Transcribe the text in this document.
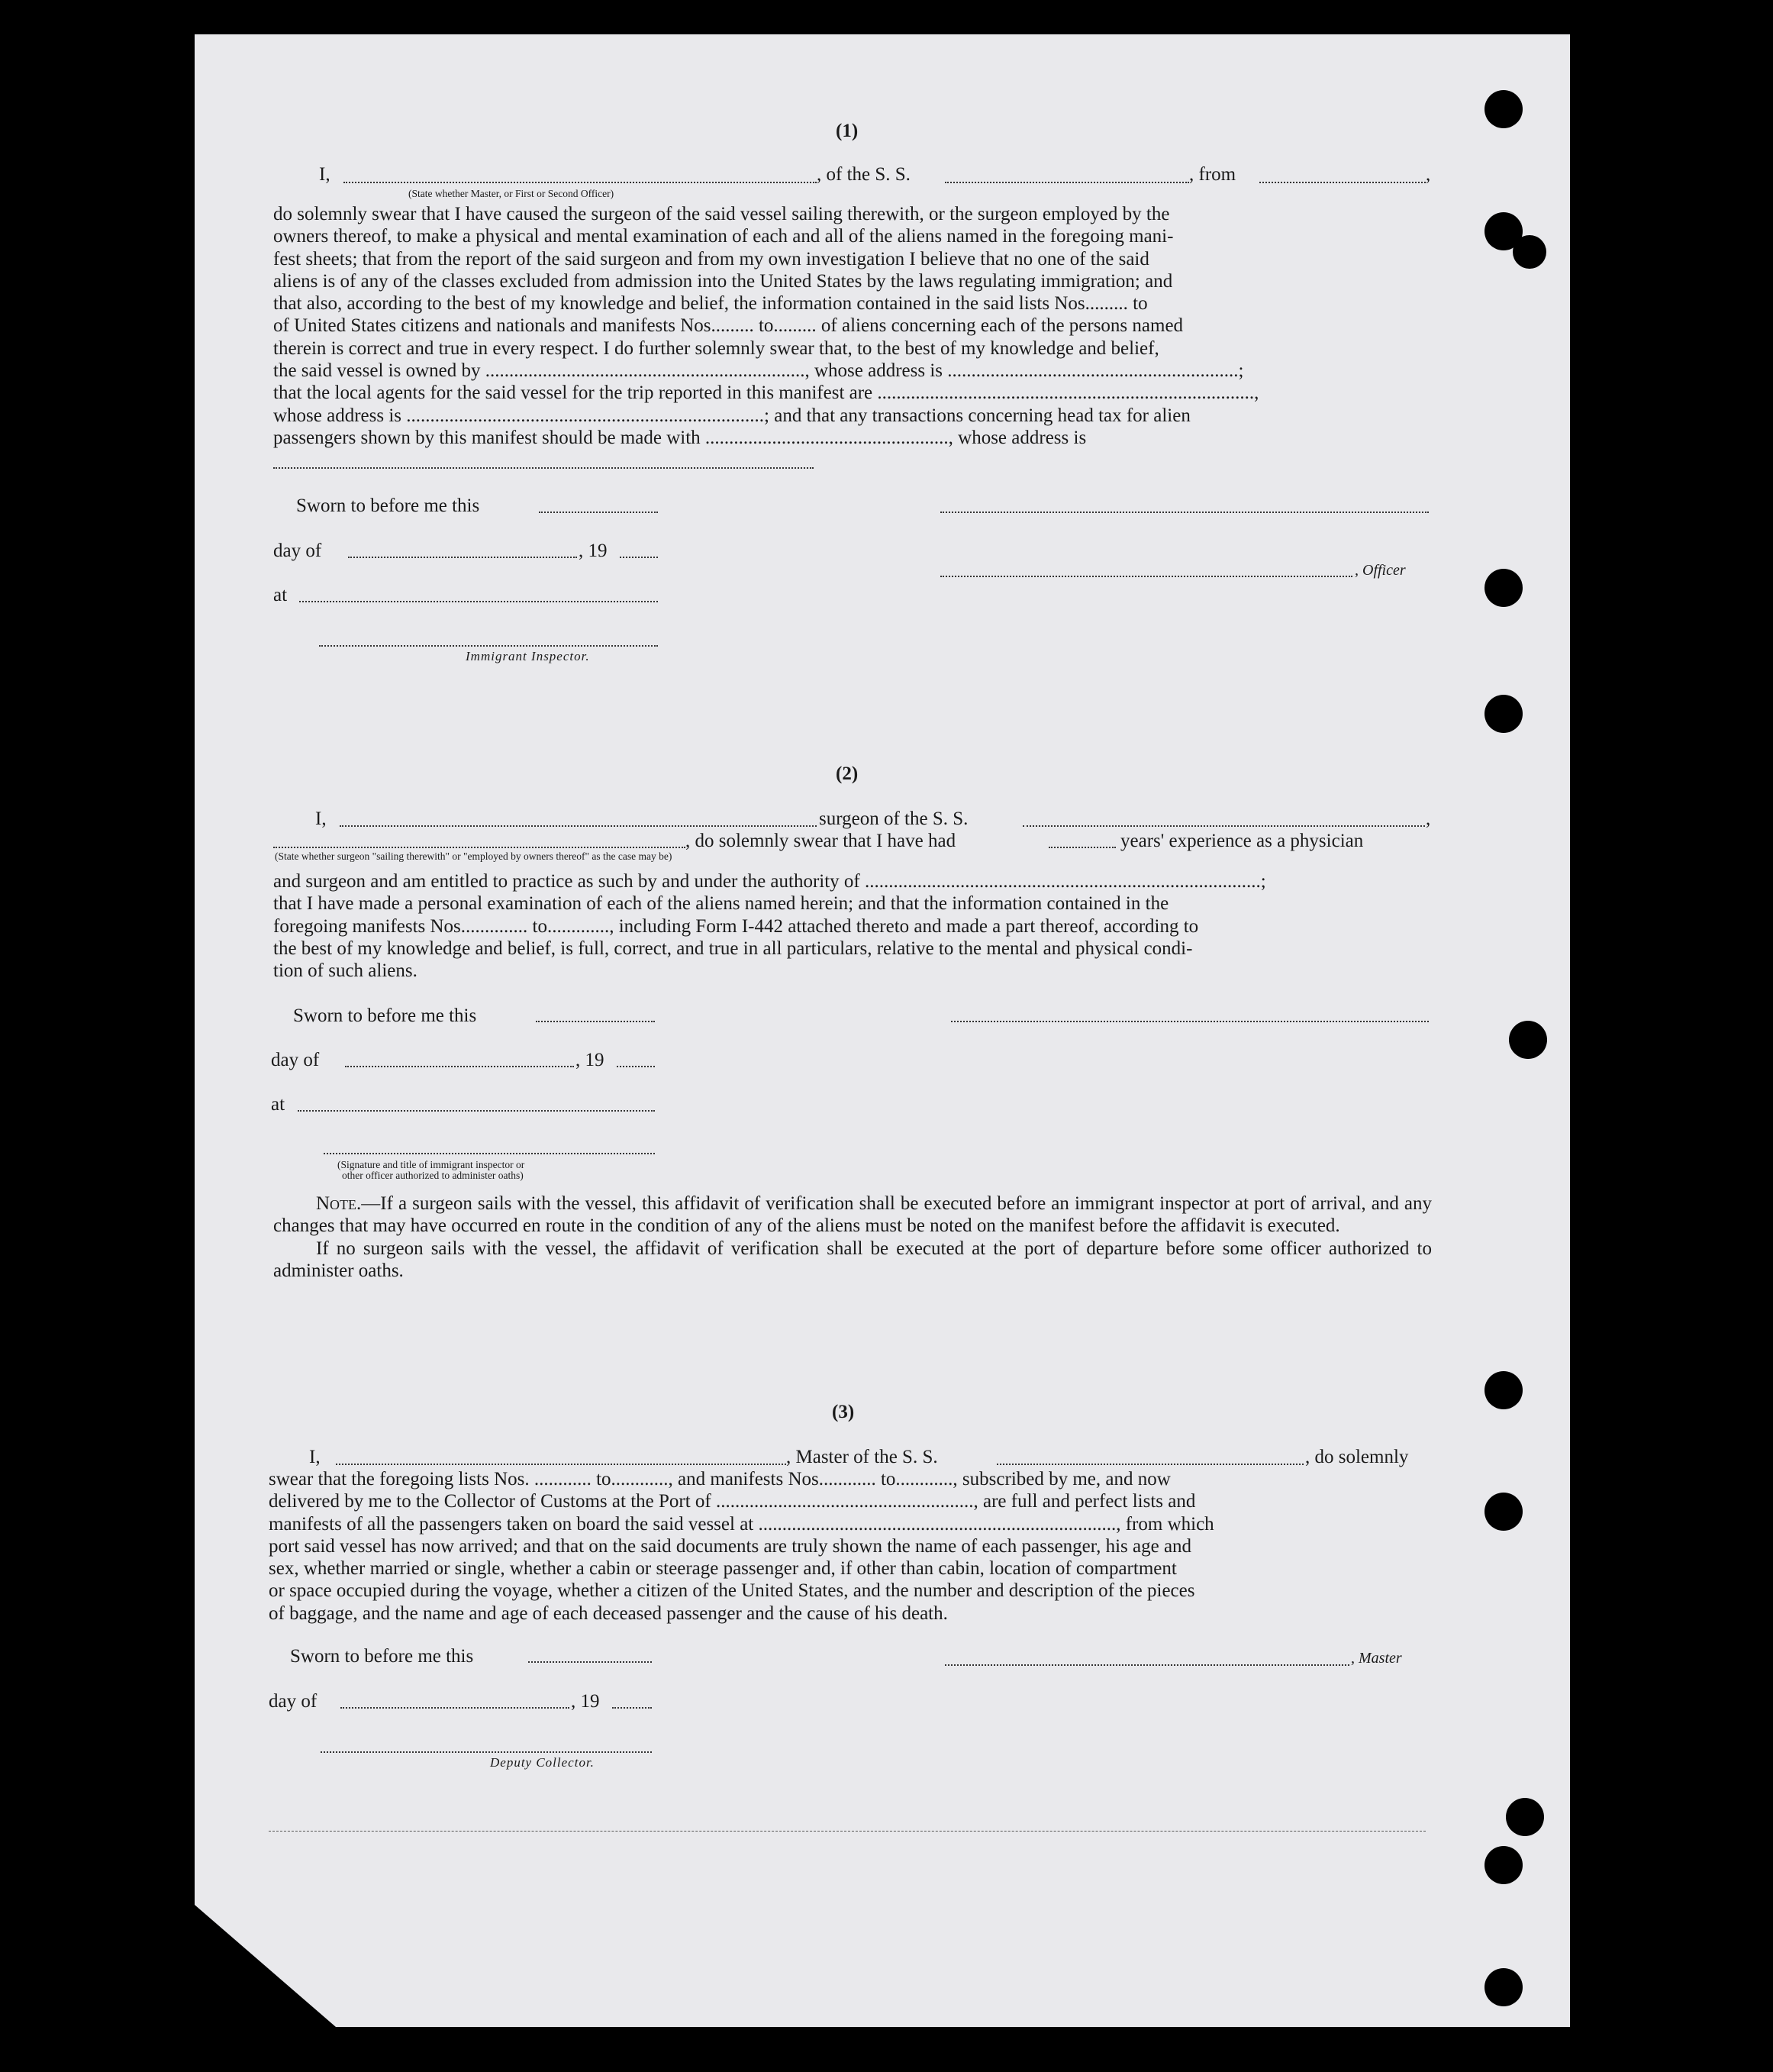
(1)
I,	, of the S. S.	, from	,
(State whether Master, or First or Second Officer)

do solemnly swear that I have caused the surgeon of the said vessel sailing therewith, or the surgeon employed by the

owners thereof, to make a physical and mental examination of each and all of the aliens named in the foregoing mani-

fest sheets; that from the report of the said surgeon and from my own investigation I believe that no one of the said

aliens is of any of the classes excluded from admission into the United States by the laws regulating immigration; and

that also, according to the best of my knowledge and belief, the information contained in the said lists Nos......... to

of United States citizens and nationals and manifests Nos......... to......... of aliens concerning each of the persons named

therein is correct and true in every respect. I do further solemnly swear that, to the best of my knowledge and belief,

the said vessel is owned by ..................................................................., whose address is .............................................................;

that the local agents for the said vessel for the trip reported in this manifest are ...............................................................................,

whose address is ...........................................................................; and that any transactions concerning head tax for alien

passengers shown by this manifest should be made with ..................................................., whose address is

Sworn to before me this
day of	, 19
, Officer
at
Immigrant Inspector.
(2)
I,	surgeon of the S. S.	,
, do solemnly swear that I have had	years' experience as a physician
(State whether surgeon "sailing therewith" or "employed by owners thereof" as the case may be)

and surgeon and am entitled to practice as such by and under the authority of ...................................................................................;

that I have made a personal examination of each of the aliens named herein; and that the information contained in the

foregoing manifests Nos.............. to............., including Form I-442 attached thereto and made a part thereof, according to

the best of my knowledge and belief, is full, correct, and true in all particulars, relative to the mental and physical condi-

tion of such aliens.

Sworn to before me this
day of	, 19
at
(Signature and title of immigrant inspector or
other officer authorized to administer oaths)

Note.—If a surgeon sails with the vessel, this affidavit of verification shall be executed before an immigrant inspector at port of arrival, and any changes that may have occurred en route in the condition of any of the aliens must be noted on the manifest before the affidavit is executed.

If no surgeon sails with the vessel, the affidavit of verification shall be executed at the port of departure before some officer authorized to administer oaths.

(3)
I,	, Master of the S. S.	, do solemnly

swear that the foregoing lists Nos. ............ to............, and manifests Nos............ to............, subscribed by me, and now

delivered by me to the Collector of Customs at the Port of ......................................................, are full and perfect lists and

manifests of all the passengers taken on board the said vessel at ..........................................................................., from which

port said vessel has now arrived; and that on the said documents are truly shown the name of each passenger, his age and

sex, whether married or single, whether a cabin or steerage passenger and, if other than cabin, location of compartment

or space occupied during the voyage, whether a citizen of the United States, and the number and description of the pieces

of baggage, and the name and age of each deceased passenger and the cause of his death.

Sworn to before me this	, Master
day of	, 19
Deputy Collector.
